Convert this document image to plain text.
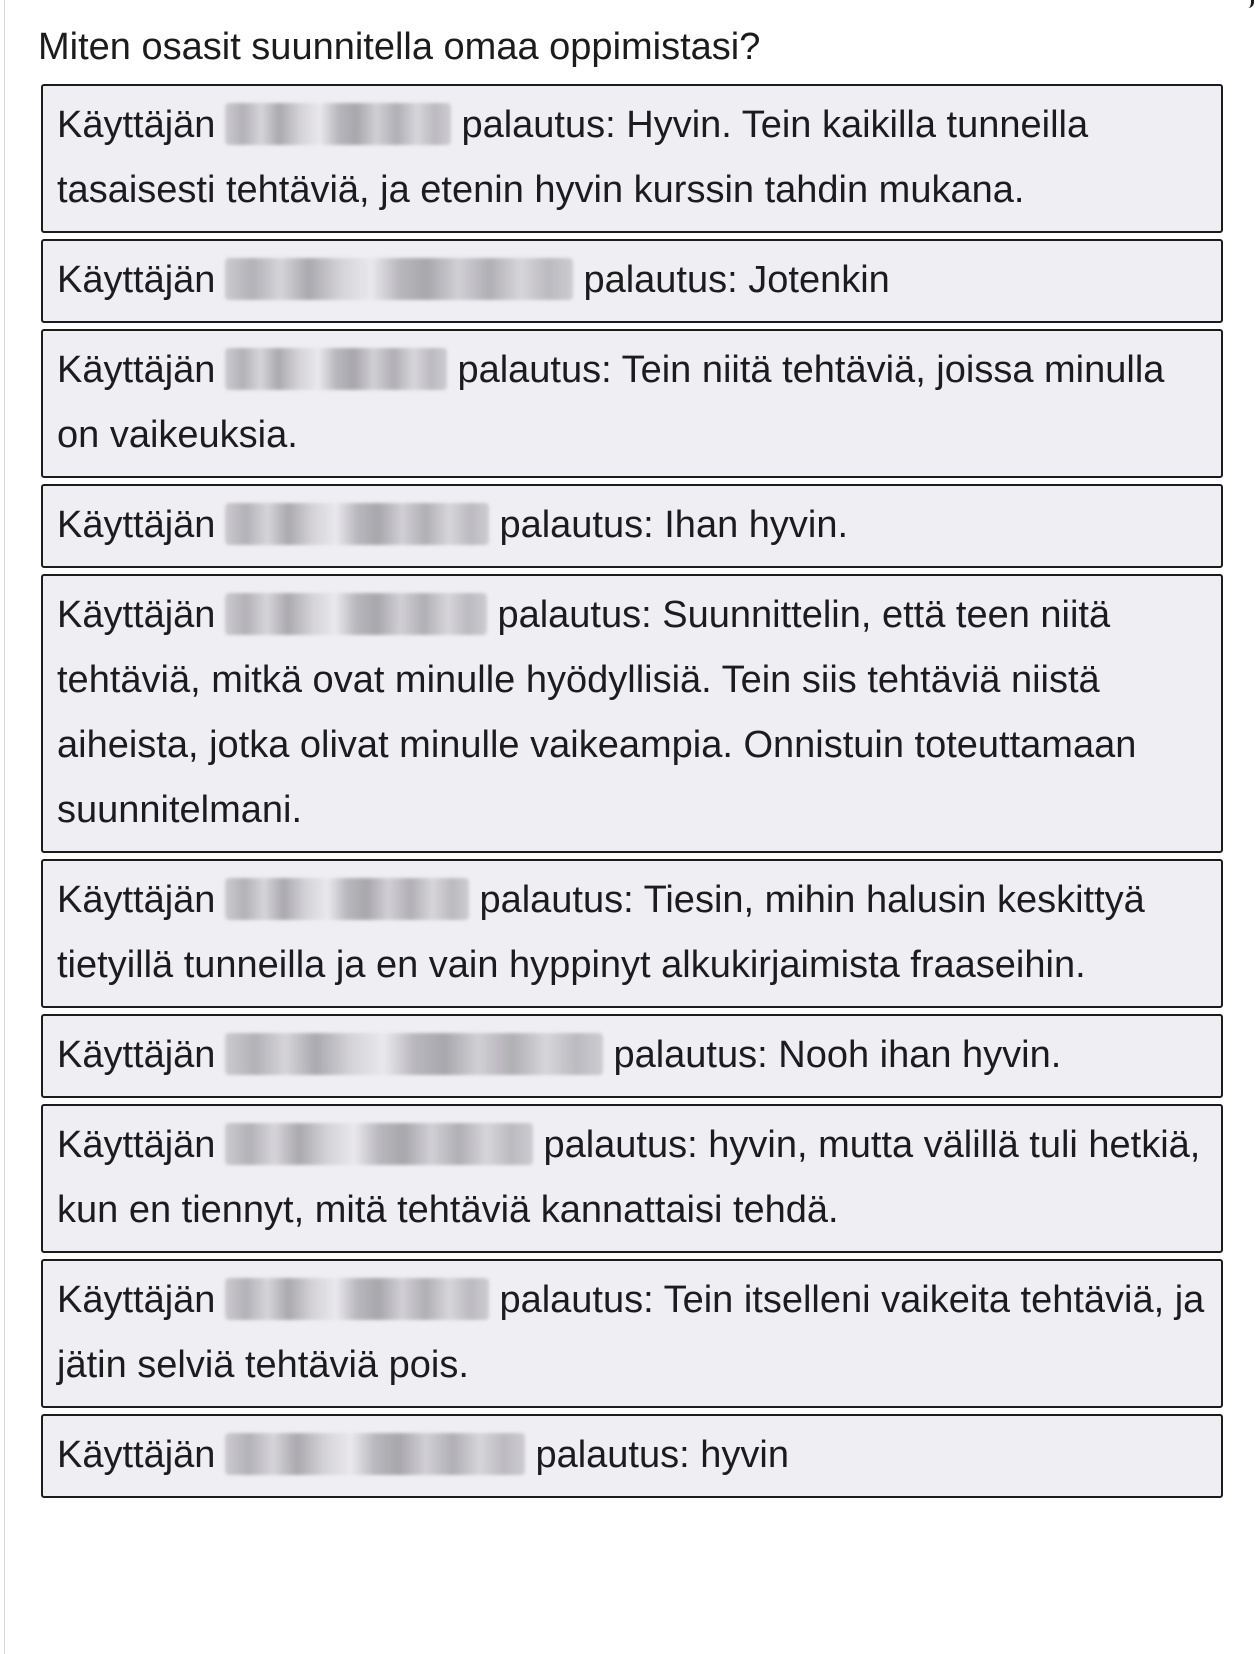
Miten osasit suunnitella omaa oppimistasi?
Käyttäjän	palautus: Hyvin. Tein kaikilla tunneilla tasaisesti tehtäviä, ja etenin hyvin kurssin tahdin mukana.
Käyttäjän	palautus: Jotenkin
Käyttäjän	palautus: Tein niitä tehtäviä, joissa minulla on vaikeuksia.
Käyttäjän	palautus: Ihan hyvin.
Käyttäjän	palautus: Suunnittelin, että teen niitä tehtäviä, mitkä ovat minulle hyödyllisiä. Tein siis tehtäviä niistä aiheista, jotka olivat minulle vaikeampia. Onnistuin toteuttamaan suunnitelmani.
Käyttäjän	palautus: Tiesin, mihin halusin keskittyä tietyillä tunneilla ja en vain hyppinyt alkukirjaimista fraaseihin.
Käyttäjän	palautus: Nooh ihan hyvin.
Käyttäjän	palautus: hyvin, mutta välillä tuli hetkiä, kun en tiennyt, mitä tehtäviä kannattaisi tehdä.
Käyttäjän	palautus: Tein itselleni vaikeita tehtäviä, ja jätin selviä tehtäviä pois.
Käyttäjän	palautus: hyvin
